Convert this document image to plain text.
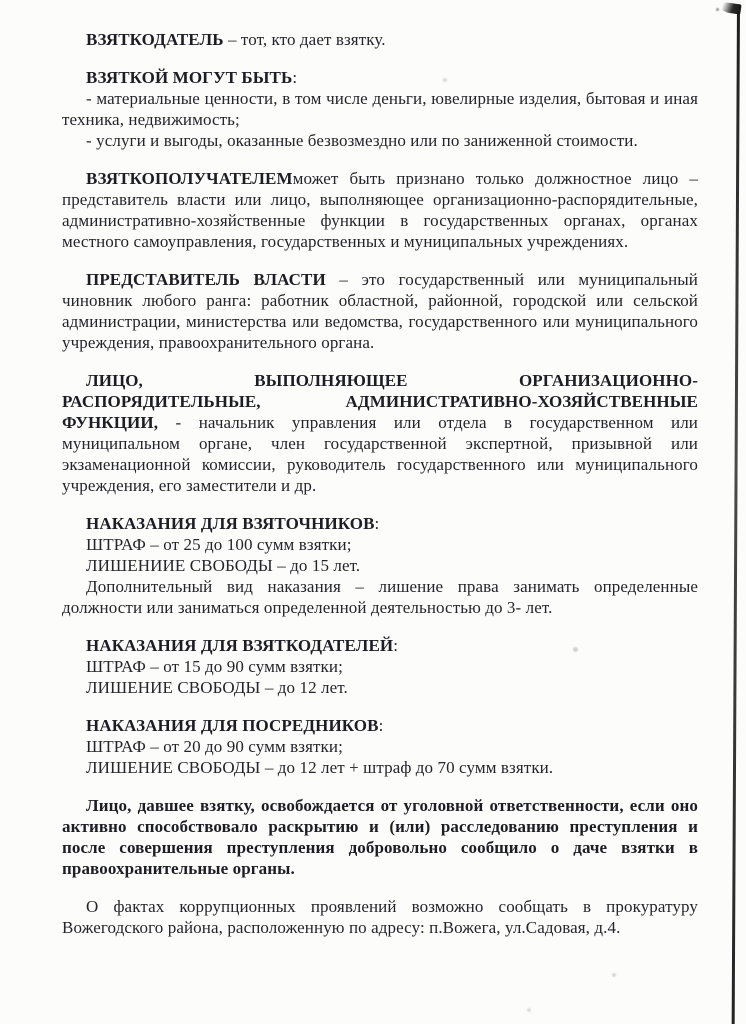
ВЗЯТКОДАТЕЛЬ – тот, кто дает взятку.

ВЗЯТКОЙ МОГУТ БЫТЬ:

- материальные ценности, в том числе деньги, ювелирные изделия, бытовая и иная техника, недвижимость;

- услуги и выгоды, оказанные безвозмездно или по заниженной стоимости.

ВЗЯТКОПОЛУЧАТЕЛЕМможет быть признано только должностное лицо – представитель власти или лицо, выполняющее организационно-распорядительные, административно-хозяйственные функции в государственных органах, органах местного самоуправления, государственных и муниципальных учреждениях.

ПРЕДСТАВИТЕЛЬ ВЛАСТИ – это государственный или муниципальный чиновник любого ранга: работник областной, районной, городской или сельской администрации, министерства или ведомства, государственного или муниципального учреждения, правоохранительного органа.

ЛИЦО, ВЫПОЛНЯЮЩЕЕ ОРГАНИЗАЦИОННО-РАСПОРЯДИТЕЛЬНЫЕ, АДМИНИСТРАТИВНО-ХОЗЯЙСТВЕННЫЕ ФУНКЦИИ, - начальник управления или отдела в государственном или муниципальном органе, член государственной экспертной, призывной или экзаменационной комиссии, руководитель государственного или муниципального учреждения, его заместители и др.

НАКАЗАНИЯ ДЛЯ ВЗЯТОЧНИКОВ:

ШТРАФ – от 25 до 100 сумм взятки;

ЛИШЕНИИЕ СВОБОДЫ – до 15 лет.

Дополнительный вид наказания – лишение права занимать определенные должности или заниматься определенной деятельностью до 3- лет.

НАКАЗАНИЯ ДЛЯ ВЗЯТКОДАТЕЛЕЙ:

ШТРАФ – от 15 до 90 сумм взятки;

ЛИШЕНИЕ СВОБОДЫ – до 12 лет.

НАКАЗАНИЯ ДЛЯ ПОСРЕДНИКОВ:

ШТРАФ – от 20 до 90 сумм взятки;

ЛИШЕНИЕ СВОБОДЫ – до 12 лет + штраф до 70 сумм взятки.

Лицо, давшее взятку, освобождается от уголовной ответственности, если оно активно способствовало раскрытию и (или) расследованию преступления и после совершения преступления добровольно сообщило о даче взятки в правоохранительные органы.

О фактах коррупционных проявлений возможно сообщать в прокуратуру Вожегодского района, расположенную по адресу: п.Вожега, ул.Садовая, д.4.
